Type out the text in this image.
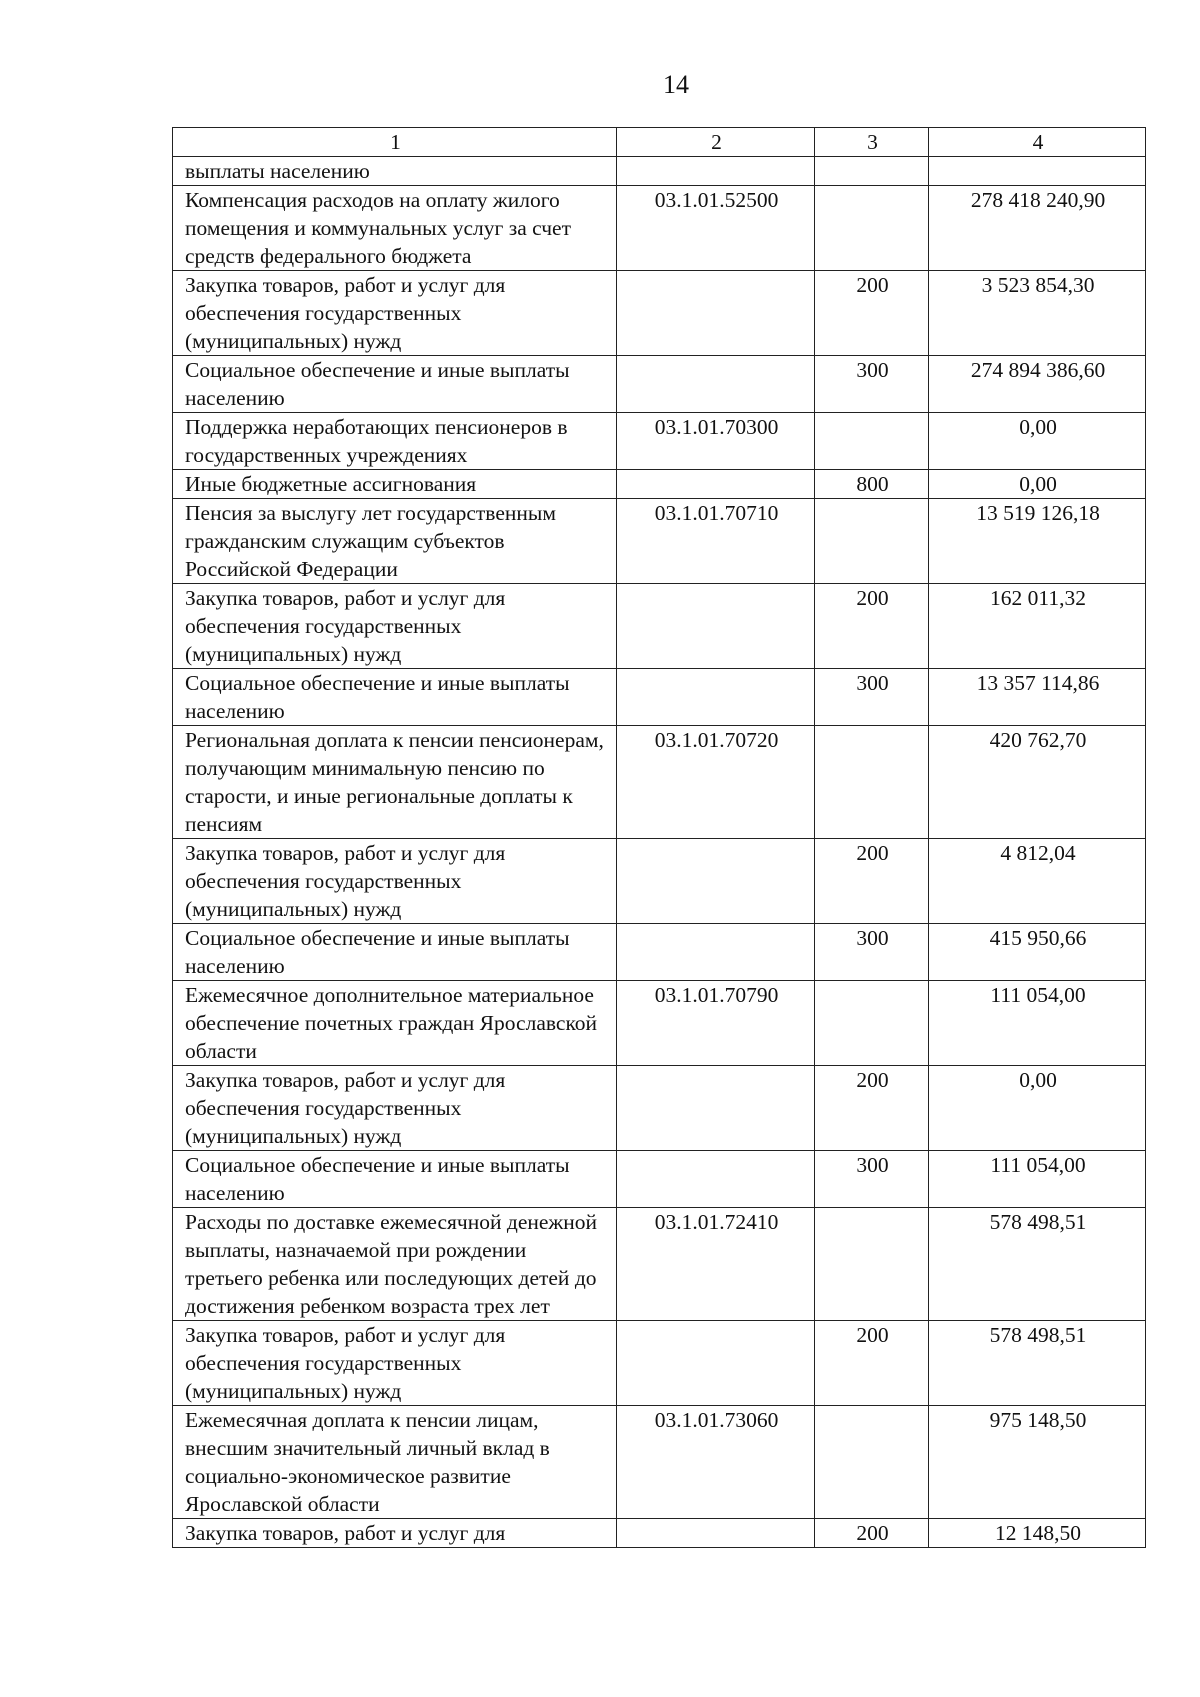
14
1	2	3	4
выплаты населению			
Компенсация расходов на оплату жилого помещения и коммунальных услуг за счет средств федерального бюджета	03.1.01.52500		278 418 240,90
Закупка товаров, работ и услуг для обеспечения государственных (муниципальных) нужд		200	3 523 854,30
Социальное обеспечение и иные выплаты населению		300	274 894 386,60
Поддержка неработающих пенсионеров в государственных учреждениях	03.1.01.70300		0,00
Иные бюджетные ассигнования		800	0,00
Пенсия за выслугу лет государственным гражданским служащим субъектов Российской Федерации	03.1.01.70710		13 519 126,18
Закупка товаров, работ и услуг для обеспечения государственных (муниципальных) нужд		200	162 011,32
Социальное обеспечение и иные выплаты населению		300	13 357 114,86
Региональная доплата к пенсии пенсионерам, получающим минимальную пенсию по старости, и иные региональные доплаты к пенсиям	03.1.01.70720		420 762,70
Закупка товаров, работ и услуг для обеспечения государственных (муниципальных) нужд		200	4 812,04
Социальное обеспечение и иные выплаты населению		300	415 950,66
Ежемесячное дополнительное материальное обеспечение почетных граждан Ярославской области	03.1.01.70790		111 054,00
Закупка товаров, работ и услуг для обеспечения государственных (муниципальных) нужд		200	0,00
Социальное обеспечение и иные выплаты населению		300	111 054,00
Расходы по доставке ежемесячной денежной выплаты, назначаемой при рождении третьего ребенка или последующих детей до достижения ребенком возраста трех лет	03.1.01.72410		578 498,51
Закупка товаров, работ и услуг для обеспечения государственных (муниципальных) нужд		200	578 498,51
Ежемесячная доплата к пенсии лицам, внесшим значительный личный вклад в социально-экономическое развитие Ярославской области	03.1.01.73060		975 148,50
Закупка товаров, работ и услуг для		200	12 148,50
